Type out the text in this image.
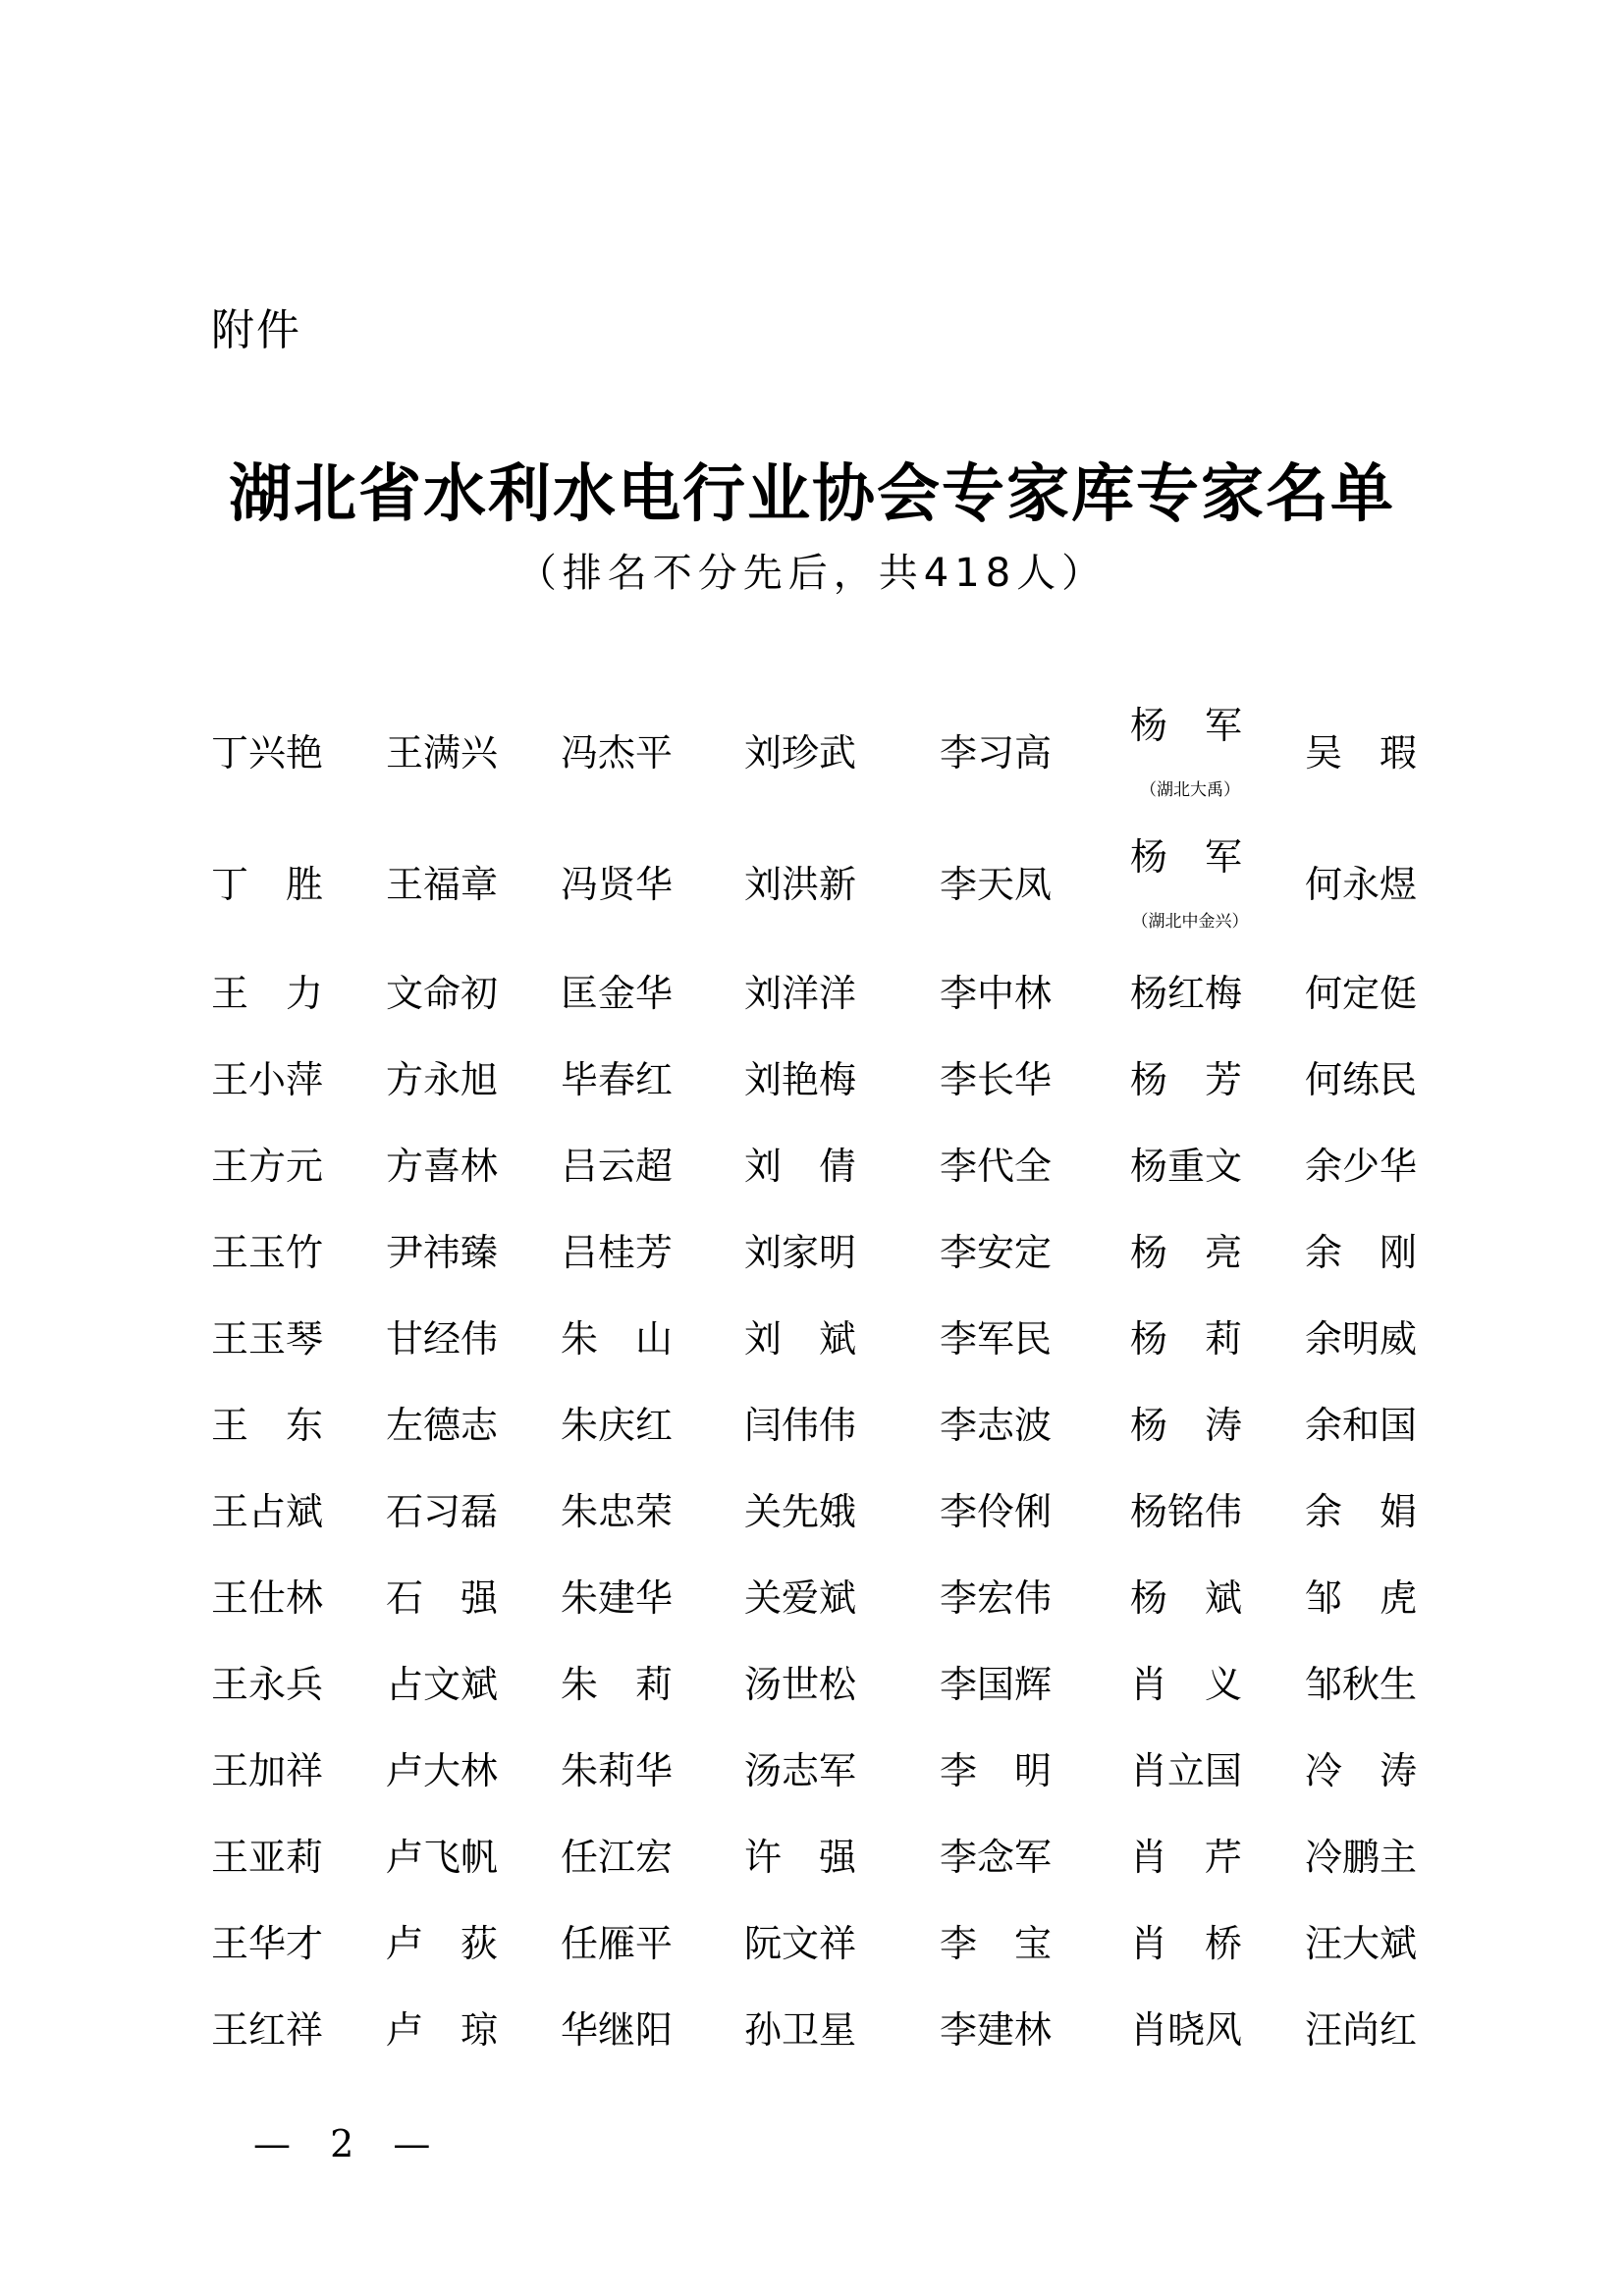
附件
湖北省水利水电行业协会专家库专家名单
（排名不分先后，共418人）
丁 兴 艳 王 满 兴 冯 杰 平 刘 珍 武 李 习 高
杨 军
（湖北大禹）
吴 瑕
丁 胜 王 福 章 冯 贤 华 刘 洪 新 李 天 凤
杨 军
（湖北中金兴）
何 永 煜
王 力 文 命 初 匡 金 华 刘 洋 洋 李 中 林 杨 红 梅 何 定 侹
王 小 萍 方 永 旭 毕 春 红 刘 艳 梅 李 长 华 杨 芳 何 练 民
王 方 元 方 喜 林 吕 云 超 刘 倩 李 代 全 杨 重 文 余 少 华
王 玉 竹 尹 祎 臻 吕 桂 芳 刘 家 明 李 安 定 杨 亮 余 刚
王 玉 琴 甘 经 伟 朱 山 刘 斌 李 军 民 杨 莉 余 明 威
王 东 左 德 志 朱 庆 红 闫 伟 伟 李 志 波 杨 涛 余 和 国
王 占 斌 石 习 磊 朱 忠 荣 关 先 娥 李 伶 俐 杨 铭 伟 余 娟
王 仕 林 石 强 朱 建 华 关 爱 斌 李 宏 伟 杨 斌 邹 虎
王 永 兵 占 文 斌 朱 莉 汤 世 松 李 国 辉 肖 义 邹 秋 生
王 加 祥 卢 大 林 朱 莉 华 汤 志 军 李 明 肖 立 国 冷 涛
王 亚 莉 卢 飞 帆 任 江 宏 许 强 李 念 军 肖 芹 冷 鹏 主
王 华 才 卢 荻 任 雁 平 阮 文 祥 李 宝 肖 桥 汪 大 斌
王 红 祥 卢 琼 华 继 阳 孙 卫 星 李 建 林 肖 晓 风 汪 尚 红
— 2 —
